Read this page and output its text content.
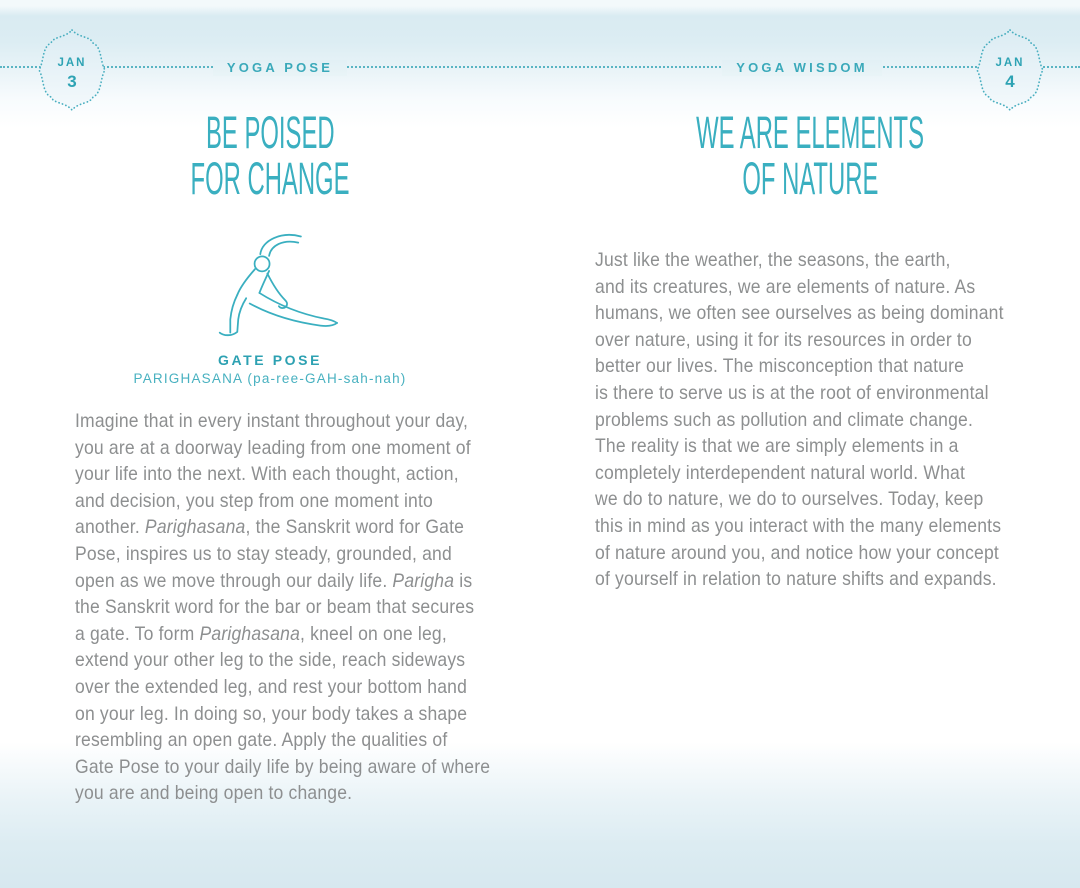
JAN
3
JAN
4
YOGA POSE	YOGA WISDOM
BE POISED
FOR CHANGE
GATE POSE
PARIGHASANA (pa-ree-GAH-sah-nah)
Imagine that in every instant throughout your day,
you are at a doorway leading from one moment of
your life into the next. With each thought, action,
and decision, you step from one moment into
another. Parighasana, the Sanskrit word for Gate
Pose, inspires us to stay steady, grounded, and
open as we move through our daily life. Parigha is
the Sanskrit word for the bar or beam that secures
a gate. To form Parighasana, kneel on one leg,
extend your other leg to the side, reach sideways
over the extended leg, and rest your bottom hand
on your leg. In doing so, your body takes a shape
resembling an open gate. Apply the qualities of
Gate Pose to your daily life by being aware of where
you are and being open to change.
WE ARE ELEMENTS
OF NATURE
Just like the weather, the seasons, the earth,
and its creatures, we are elements of nature. As
humans, we often see ourselves as being dominant
over nature, using it for its resources in order to
better our lives. The misconception that nature
is there to serve us is at the root of environmental
problems such as pollution and climate change.
The reality is that we are simply elements in a
completely interdependent natural world. What
we do to nature, we do to ourselves. Today, keep
this in mind as you interact with the many elements
of nature around you, and notice how your concept
of yourself in relation to nature shifts and expands.
